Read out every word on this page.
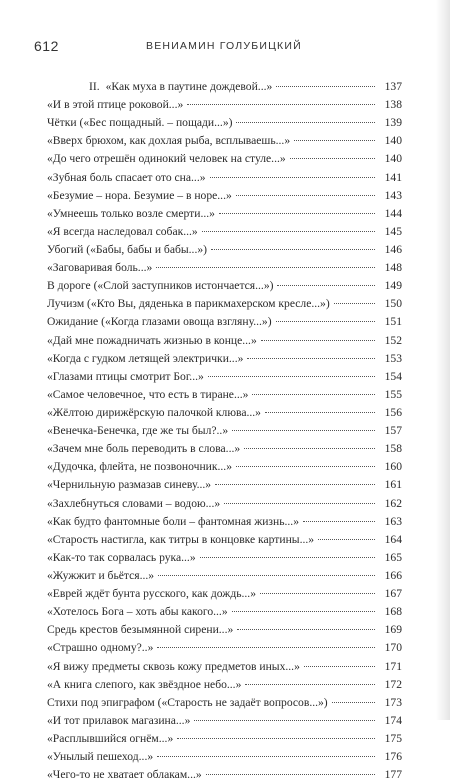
612	ВЕНИАМИН ГОЛУБИЦКИЙ
II. «Как муха в паутине дождевой...»	137
«И в этой птице роковой...»	138
Чётки («Бес пощадный. – пощади...»)	139
«Вверх брюхом, как дохлая рыба, всплываешь...»	140
«До чего отрешён одинокий человек на стуле...»	140
«Зубная боль спасает ото сна...»	141
«Безумие – нора. Безумие – в норе...»	143
«Умнеешь только возле смерти...»	144
«Я всегда наследовал собак...»	145
Убогий («Бабы, бабы и бабы...»)	146
«Заговаривая боль...»	148
В дороге («Слой заступников истончается...»)	149
Лучизм («Кто Вы, дяденька в парикмахерском кресле...»)	150
Ожидание («Когда глазами овоща взгляну...»)	151
«Дай мне пожадничать жизнью в конце...»	152
«Когда с гудком летящей электрички...»	153
«Глазами птицы смотрит Бог...»	154
«Самое человечное, что есть в тиране...»	155
«Жёлтою дирижёрскую палочкой клюва...»	156
«Венечка-Бенечка, где же ты был?..»	157
«Зачем мне боль переводить в слова...»	158
«Дудочка, флейта, не позвоночник...»	160
«Чернильную размазав синеву...»	161
«Захлебнуться словами – водою...»	162
«Как будто фантомные боли – фантомная жизнь...»	163
«Старость настигла, как титры в концовке картины...»	164
«Как-то так сорвалась рука...»	165
«Жужжит и бьётся...»	166
«Еврей ждёт бунта русского, как дождь...»	167
«Хотелось Бога – хоть абы какого...»	168
Средь крестов безымянной сирени...»	169
«Страшно одному?..»	170
«Я вижу предметы сквозь кожу предметов иных...»	171
«А книга слепого, как звёздное небо...»	172
Стихи под эпиграфом («Старость не задаёт вопросов...»)	173
«И тот прилавок магазина...»	174
«Расплывшийся огнём...»	175
«Унылый пешеход...»	176
«Чего-то не хватает облакам...»	177
